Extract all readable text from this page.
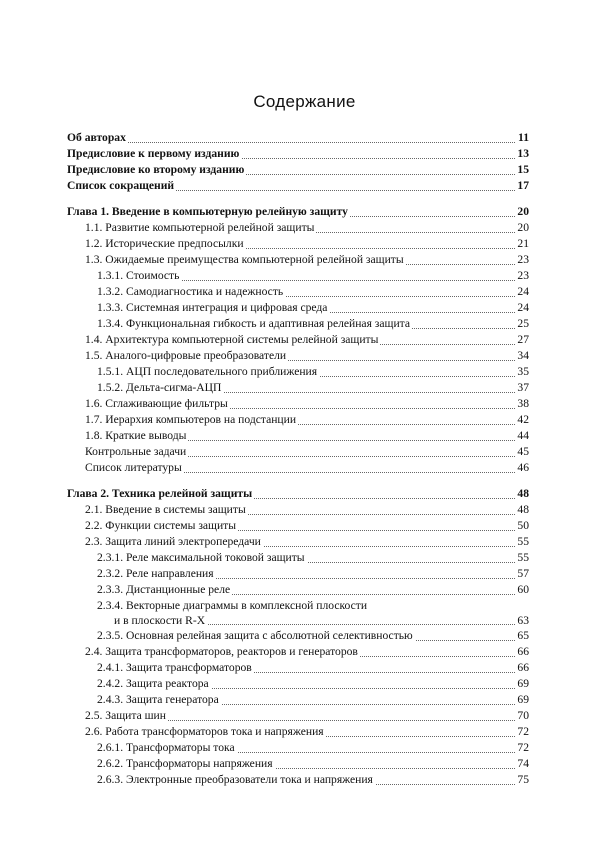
Содержание
Об авторах	11
Предисловие к первому изданию	13
Предисловие ко второму изданию	15
Список сокращений	17
Глава 1. Введение в компьютерную релейную защиту	20
1.1. Развитие компьютерной релейной защиты	20
1.2. Исторические предпосылки	21
1.3. Ожидаемые преимущества компьютерной релейной защиты	23
1.3.1. Стоимость	23
1.3.2. Самодиагностика и надежность	24
1.3.3. Системная интеграция и цифровая среда	24
1.3.4. Функциональная гибкость и адаптивная релейная защита	25
1.4. Архитектура компьютерной системы релейной защиты	27
1.5. Аналого-цифровые преобразователи	34
1.5.1. АЦП последовательного приближения	35
1.5.2. Дельта-сигма-АЦП	37
1.6. Сглаживающие фильтры	38
1.7. Иерархия компьютеров на подстанции	42
1.8. Краткие выводы	44
Контрольные задачи	45
Список литературы	46
Глава 2. Техника релейной защиты	48
2.1. Введение в системы защиты	48
2.2. Функции системы защиты	50
2.3. Защита линий электропередачи	55
2.3.1. Реле максимальной токовой защиты	55
2.3.2. Реле направления	57
2.3.3. Дистанционные реле	60
2.3.4. Векторные диаграммы в комплексной плоскости
и в плоскости R-X	63
2.3.5. Основная релейная защита с абсолютной селективностью	65
2.4. Защита трансформаторов, реакторов и генераторов	66
2.4.1. Защита трансформаторов	66
2.4.2. Защита реактора	69
2.4.3. Защита генератора	69
2.5. Защита шин	70
2.6. Работа трансформаторов тока и напряжения	72
2.6.1. Трансформаторы тока	72
2.6.2. Трансформаторы напряжения	74
2.6.3. Электронные преобразователи тока и напряжения	75
